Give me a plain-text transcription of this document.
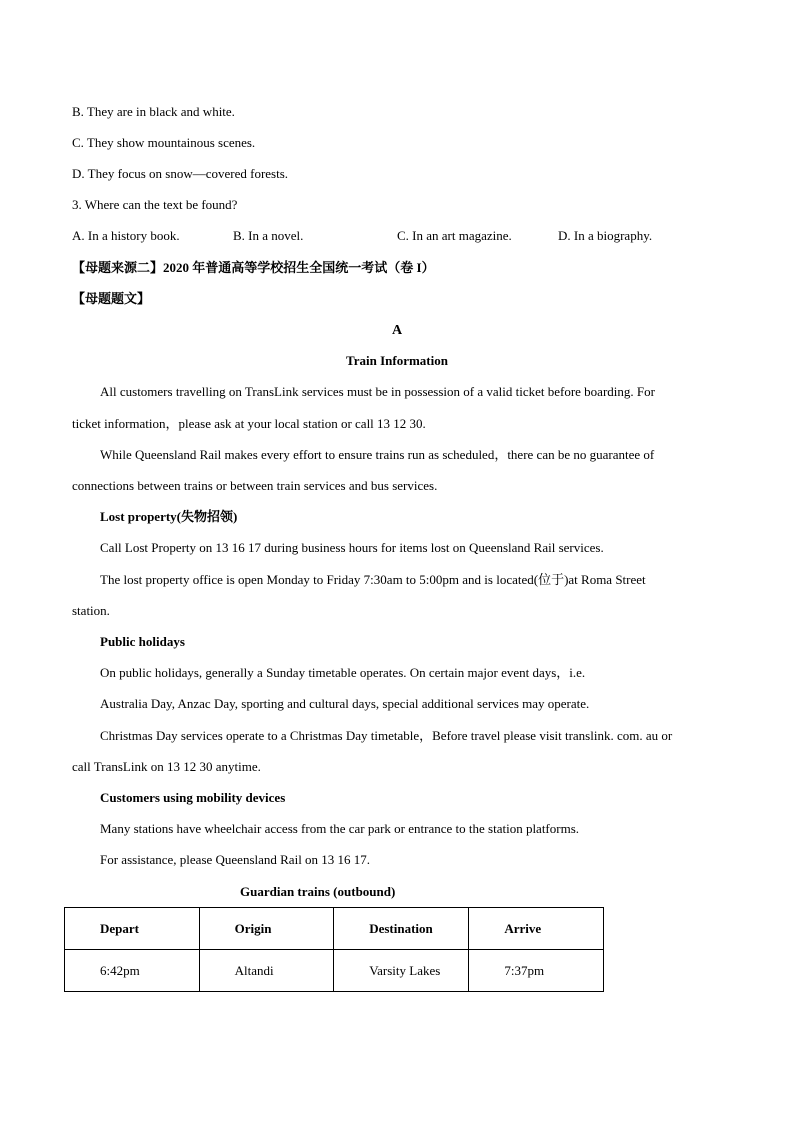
B. They are in black and white.
C. They show mountainous scenes.
D. They focus on snow—covered forests.
3. Where can the text be found?
A. In a history book.	B. In a novel.	C. In an art magazine.	D. In a biography.
【母题来源二】2020 年普通高等学校招生全国统一考试（卷 I）
【母题题文】
A
Train Information
All customers travelling on TransLink services must be in possession of a valid ticket before boarding. For
ticket information，please ask at your local station or call 13 12 30.
While Queensland Rail makes every effort to ensure trains run as scheduled，there can be no guarantee of
connections between trains or between train services and bus services.
Lost property(失物招领)
Call Lost Property on 13 16 17 during business hours for items lost on Queensland Rail services.
The lost property office is open Monday to Friday 7:30am to 5:00pm and is located(位于)at Roma Street
station.
Public holidays
On public holidays, generally a Sunday timetable operates. On certain major event days，i.e.
Australia Day, Anzac Day, sporting and cultural days, special additional services may operate.
Christmas Day services operate to a Christmas Day timetable，Before travel please visit translink. com. au or
call TransLink on 13 12 30 anytime.
Customers using mobility devices
Many stations have wheelchair access from the car park or entrance to the station platforms.
For assistance, please Queensland Rail on 13 16 17.
Guardian trains (outbound)
Depart	Origin	Destination	Arrive
6:42pm	Altandi	Varsity Lakes	7:37pm
